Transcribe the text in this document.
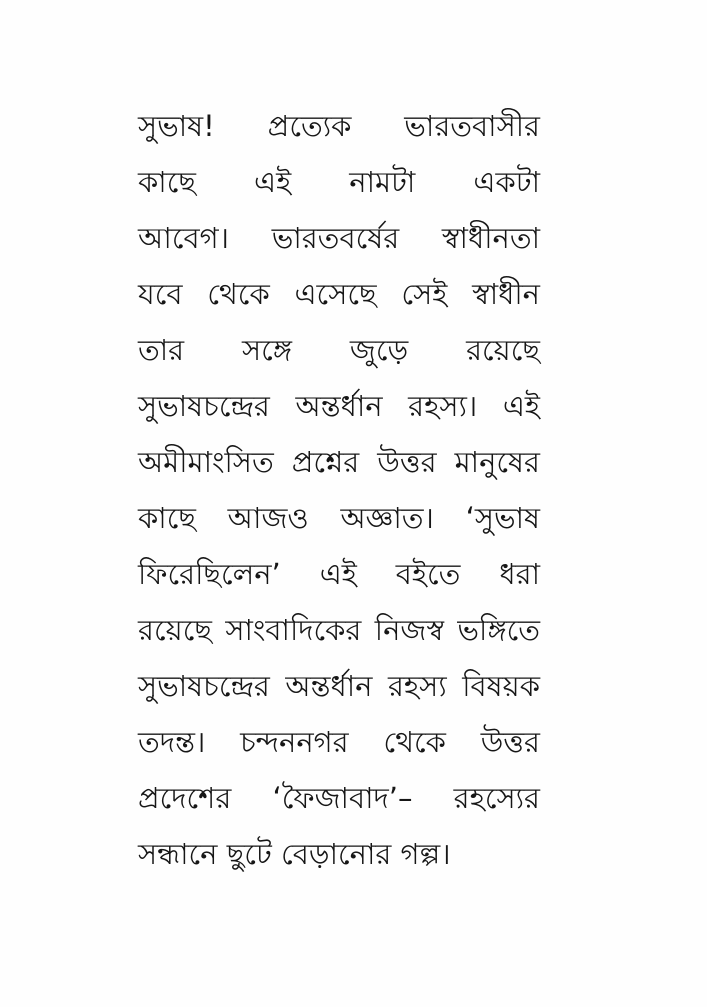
সুভাষ! প্রত্যেক ভারতবাসীর
কাছে এই নামটা একটা
আবেগ। ভারতবর্ষের স্বাধীনতা
যবে থেকে এসেছে সেই স্বাধীন
তার সঙ্গে জুড়ে রয়েছে
সুভাষচন্দ্রের অন্তর্ধান রহস্য। এই
অমীমাংসিত প্রশ্নের উত্তর মানুষের
কাছে আজও অজ্ঞাত। ‘সুভাষ
ফিরেছিলেন’ এই বইতে ধরা
রয়েছে সাংবাদিকের নিজস্ব ভঙ্গিতে
সুভাষচন্দ্রের অন্তর্ধান রহস্য বিষয়ক
তদন্ত। চন্দননগর থেকে উত্তর
প্রদেশের ‘ফৈজাবাদ’– রহস্যের
সন্ধানে ছুটে বেড়ানোর গল্প।
